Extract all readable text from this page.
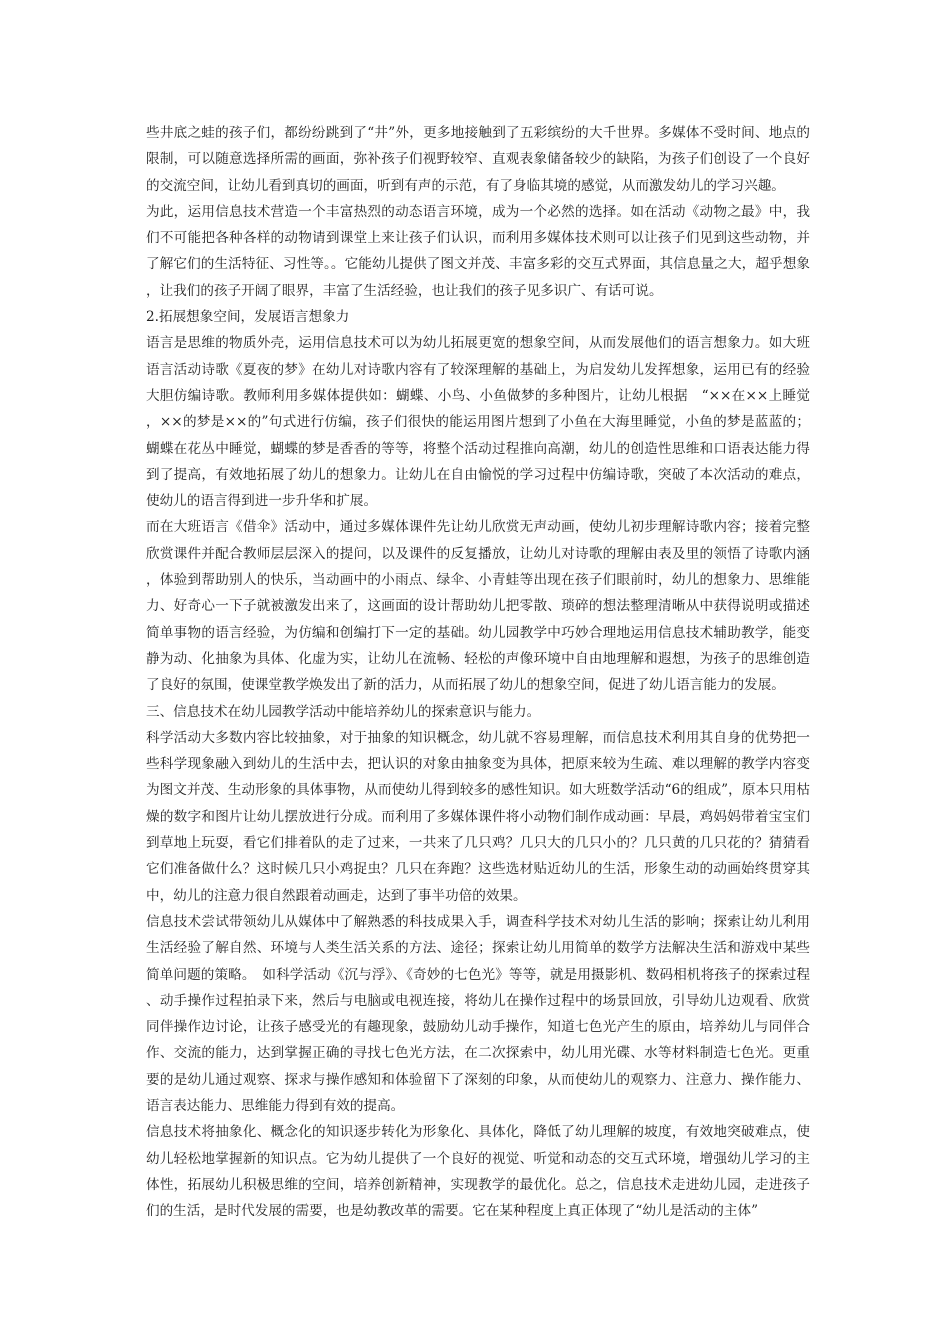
些井底之蛙的孩子们，都纷纷跳到了“井”外，更多地接触到了五彩缤纷的大千世界。多媒体不受时间、地点的限制，可以随意选择所需的画面，弥补孩子们视野较窄、直观表象储备较少的缺陷，为孩子们创设了一个良好的交流空间，让幼儿看到真切的画面，听到有声的示范，有了身临其境的感觉，从而激发幼儿的学习兴趣。

为此，运用信息技术营造一个丰富热烈的动态语言环境，成为一个必然的选择。如在活动《动物之最》中，我们不可能把各种各样的动物请到课堂上来让孩子们认识，而利用多媒体技术则可以让孩子们见到这些动物，并了解它们的生活特征、习性等。。它能幼儿提供了图文并茂、丰富多彩的交互式界面，其信息量之大，超乎想象，让我们的孩子开阔了眼界，丰富了生活经验，也让我们的孩子见多识广、有话可说。

2.拓展想象空间，发展语言想象力

语言是思维的物质外壳，运用信息技术可以为幼儿拓展更宽的想象空间，从而发展他们的语言想象力。如大班语言活动诗歌《夏夜的梦》在幼儿对诗歌内容有了较深理解的基础上，为启发幼儿发挥想象，运用已有的经验大胆仿编诗歌。教师利用多媒体提供如：蝴蝶、小鸟、小鱼做梦的多种图片，让幼儿根据　“××在××上睡觉，××的梦是××的”句式进行仿编，孩子们很快的能运用图片想到了小鱼在大海里睡觉，小鱼的梦是蓝蓝的；蝴蝶在花丛中睡觉，蝴蝶的梦是香香的等等，将整个活动过程推向高潮，幼儿的创造性思维和口语表达能力得到了提高，有效地拓展了幼儿的想象力。让幼儿在自由愉悦的学习过程中仿编诗歌，突破了本次活动的难点，使幼儿的语言得到进一步升华和扩展。

而在大班语言《借伞》活动中，通过多媒体课件先让幼儿欣赏无声动画，使幼儿初步理解诗歌内容；接着完整欣赏课件并配合教师层层深入的提问，以及课件的反复播放，让幼儿对诗歌的理解由表及里的领悟了诗歌内涵，体验到帮助别人的快乐，当动画中的小雨点、绿伞、小青蛙等出现在孩子们眼前时，幼儿的想象力、思维能力、好奇心一下子就被激发出来了，这画面的设计帮助幼儿把零散、琐碎的想法整理清晰从中获得说明或描述简单事物的语言经验，为仿编和创编打下一定的基础。幼儿园教学中巧妙合理地运用信息技术辅助教学，能变静为动、化抽象为具体、化虚为实，让幼儿在流畅、轻松的声像环境中自由地理解和遐想，为孩子的思维创造了良好的氛围，使课堂教学焕发出了新的活力，从而拓展了幼儿的想象空间，促进了幼儿语言能力的发展。

三、信息技术在幼儿园教学活动中能培养幼儿的探索意识与能力。

科学活动大多数内容比较抽象，对于抽象的知识概念，幼儿就不容易理解，而信息技术利用其自身的优势把一些科学现象融入到幼儿的生活中去，把认识的对象由抽象变为具体，把原来较为生疏、难以理解的教学内容变为图文并茂、生动形象的具体事物，从而使幼儿得到较多的感性知识。如大班数学活动“6的组成”，原本只用枯燥的数字和图片让幼儿摆放进行分成。而利用了多媒体课件将小动物们制作成动画：早晨，鸡妈妈带着宝宝们到草地上玩耍，看它们排着队的走了过来，一共来了几只鸡？几只大的几只小的？几只黄的几只花的？猜猜看它们准备做什么？这时候几只小鸡捉虫？几只在奔跑？这些选材贴近幼儿的生活，形象生动的动画始终贯穿其中，幼儿的注意力很自然跟着动画走，达到了事半功倍的效果。

信息技术尝试带领幼儿从媒体中了解熟悉的科技成果入手，调查科学技术对幼儿生活的影响；探索让幼儿利用生活经验了解自然、环境与人类生活关系的方法、途径；探索让幼儿用简单的数学方法解决生活和游戏中某些简单问题的策略。　如科学活动《沉与浮》、《奇妙的七色光》等等，就是用摄影机、数码相机将孩子的探索过程、动手操作过程拍录下来，然后与电脑或电视连接，将幼儿在操作过程中的场景回放，引导幼儿边观看、欣赏同伴操作边讨论，让孩子感受光的有趣现象，鼓励幼儿动手操作，知道七色光产生的原由，培养幼儿与同伴合作、交流的能力，达到掌握正确的寻找七色光方法，在二次探索中，幼儿用光碟、水等材料制造七色光。更重要的是幼儿通过观察、探求与操作感知和体验留下了深刻的印象，从而使幼儿的观察力、注意力、操作能力、语言表达能力、思维能力得到有效的提高。

信息技术将抽象化、概念化的知识逐步转化为形象化、具体化，降低了幼儿理解的坡度，有效地突破难点，使幼儿轻松地掌握新的知识点。它为幼儿提供了一个良好的视觉、听觉和动态的交互式环境，增强幼儿学习的主体性，拓展幼儿积极思维的空间，培养创新精神，实现教学的最优化。总之，信息技术走进幼儿园，走进孩子们的生活，是时代发展的需要，也是幼教改革的需要。它在某种程度上真正体现了“幼儿是活动的主体”
